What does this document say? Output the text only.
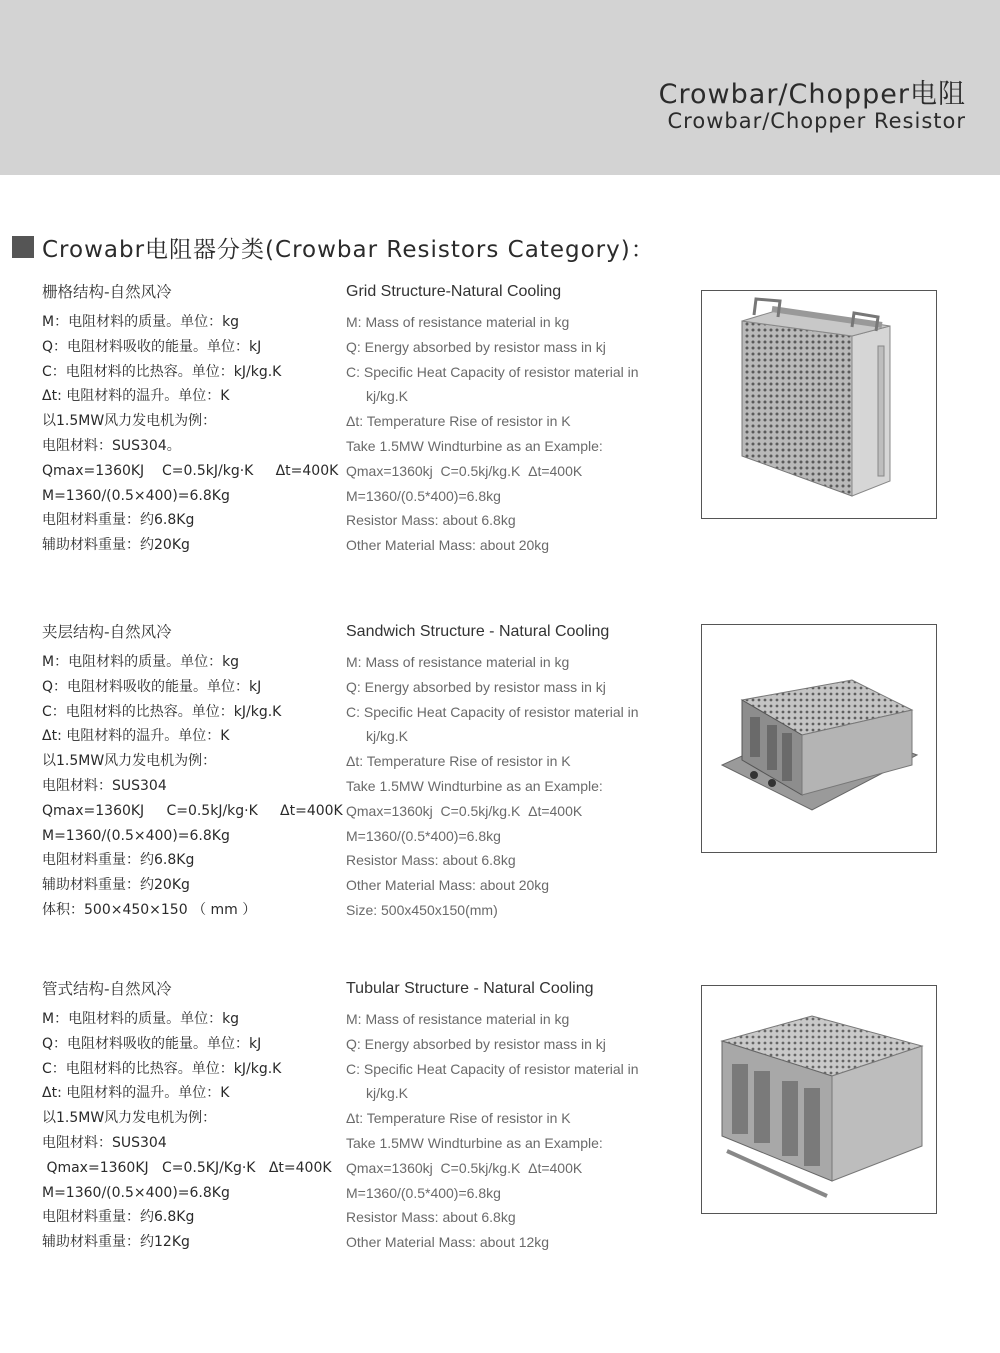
Crowbar/Chopper电阻
Crowbar/Chopper Resistor
Crowabr电阻器分类(Crowbar Resistors Category)：
栅格结构-自然风冷
M：电阻材料的质量。单位：kg
Q：电阻材料吸收的能量。单位：kJ
C：电阻材料的比热容。单位：kJ/kg.K
Δt: 电阻材料的温升。单位：K
以1.5MW风力发电机为例：
电阻材料：SUS304。
Qmax=1360KJ    C=0.5kJ/kg·K     Δt=400K
M=1360/(0.5×400)=6.8Kg
电阻材料重量：约6.8Kg
辅助材料重量：约20Kg
Grid Structure-Natural Cooling
M: Mass of resistance material in kg
Q: Energy absorbed by resistor mass in kj
C: Specific Heat Capacity of resistor material in
kj/kg.K
Δt: Temperature Rise of resistor in K
Take 1.5MW Windturbine as an Example:
Qmax=1360kj  C=0.5kj/kg.K  Δt=400K
M=1360/(0.5*400)=6.8kg
Resistor Mass: about 6.8kg
Other Material Mass: about 20kg
夹层结构-自然风冷
M：电阻材料的质量。单位：kg
Q：电阻材料吸收的能量。单位：kJ
C：电阻材料的比热容。单位：kJ/kg.K
Δt: 电阻材料的温升。单位：K
以1.5MW风力发电机为例：
电阻材料：SUS304
Qmax=1360KJ     C=0.5kJ/kg·K     Δt=400K
M=1360/(0.5×400)=6.8Kg
电阻材料重量：约6.8Kg
辅助材料重量：约20Kg
体积：500×450×150 （ mm ）
Sandwich Structure - Natural Cooling
M: Mass of resistance material in kg
Q: Energy absorbed by resistor mass in kj
C: Specific Heat Capacity of resistor material in
kj/kg.K
Δt: Temperature Rise of resistor in K
Take 1.5MW Windturbine as an Example:
Qmax=1360kj  C=0.5kj/kg.K  Δt=400K
M=1360/(0.5*400)=6.8kg
Resistor Mass: about 6.8kg
Other Material Mass: about 20kg
Size: 500x450x150(mm)
管式结构-自然风冷
M：电阻材料的质量。单位：kg
Q：电阻材料吸收的能量。单位：kJ
C：电阻材料的比热容。单位：kJ/kg.K
Δt: 电阻材料的温升。单位：K
以1.5MW风力发电机为例：
电阻材料：SUS304
Qmax=1360KJ   C=0.5KJ/Kg·K   Δt=400K
M=1360/(0.5×400)=6.8Kg
电阻材料重量：约6.8Kg
辅助材料重量：约12Kg
Tubular Structure - Natural Cooling
M: Mass of resistance material in kg
Q: Energy absorbed by resistor mass in kj
C: Specific Heat Capacity of resistor material in
kj/kg.K
Δt: Temperature Rise of resistor in K
Take 1.5MW Windturbine as an Example:
Qmax=1360kj  C=0.5kj/kg.K  Δt=400K
M=1360/(0.5*400)=6.8kg
Resistor Mass: about 6.8kg
Other Material Mass: about 12kg
